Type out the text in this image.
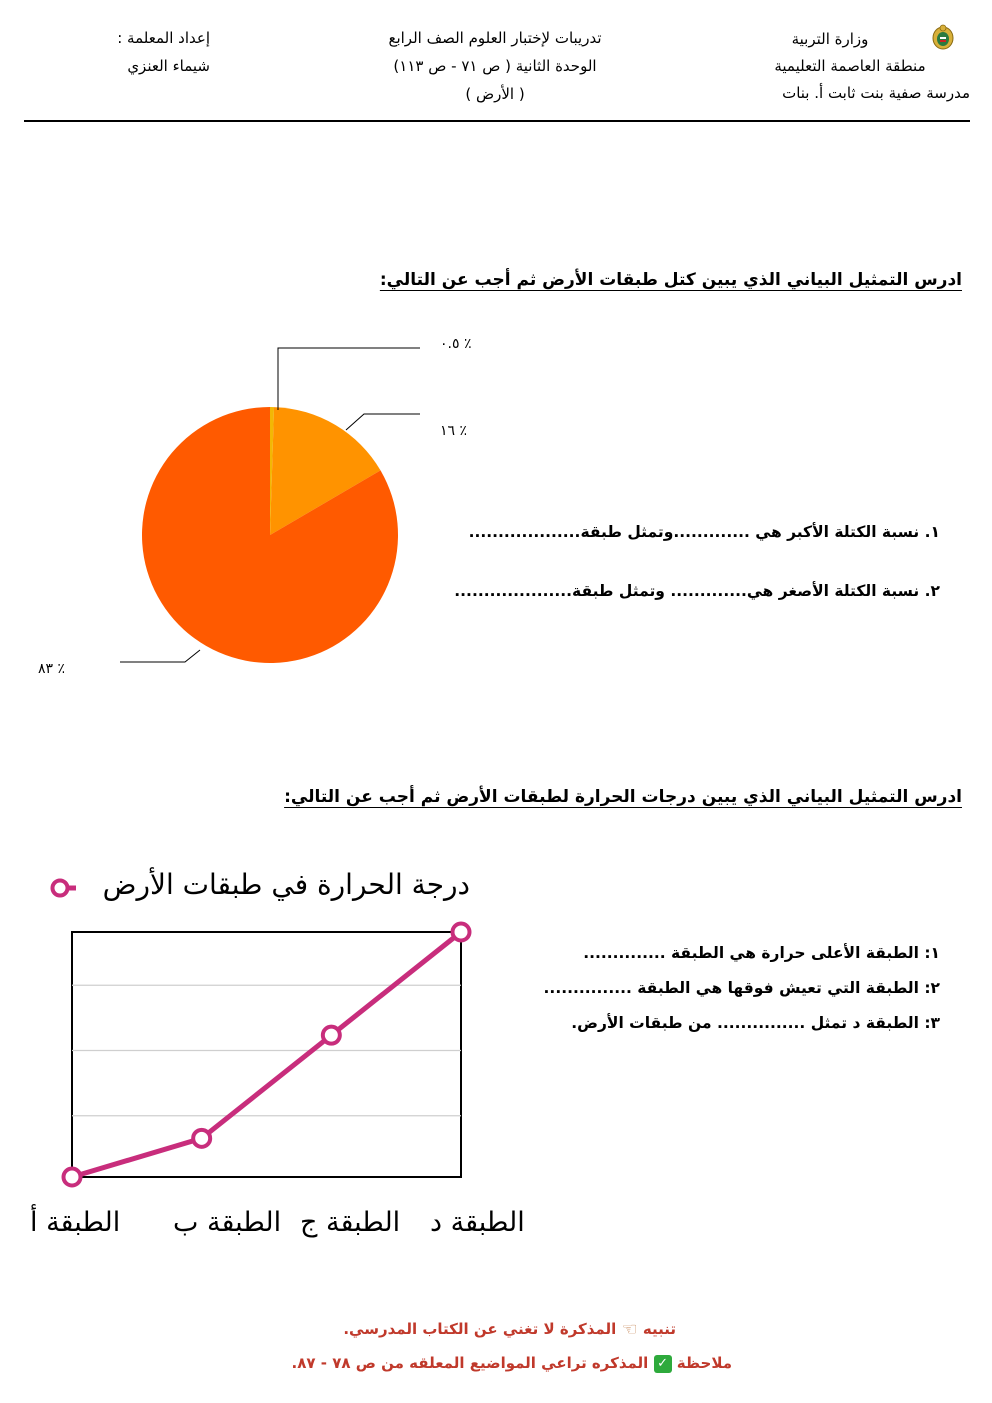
وزارة التربية
منطقة العاصمة التعليمية
مدرسة صفية بنت ثابت أ. بنات
تدريبات لإختبار العلوم الصف الرابع
الوحدة الثانية ( ص ٧١ - ص ١١٣)
( الأرض )
إعداد المعلمة :
شيماء العنزي
ادرس التمثيل البياني الذي يبين كتل طبقات الأرض ثم أجب عن التالي:
٪ ٠.٥
٪ ١٦
٪ ٨٣
١. نسبة الكتلة الأكبر هي .............وتمثل طبقة...................
٢. نسبة الكتلة الأصغر هي............. وتمثل طبقة....................
ادرس التمثيل البياني الذي يبين درجات الحرارة لطبقات الأرض ثم أجب عن التالي:
درجة الحرارة في طبقات الأرض
الطبقة د
الطبقة ج
الطبقة ب
الطبقة أ
١: الطبقة الأعلى حرارة هي الطبقة ..............
٢: الطبقة التي تعيش فوقها هي الطبقة ...............
٣: الطبقة د تمثل ............... من طبقات الأرض.
تنبيه ☜ المذكرة لا تغني عن الكتاب المدرسي.
ملاحظة ✓ المذكره تراعي المواضيع المعلقه من ص ٧٨ - ٨٧.
